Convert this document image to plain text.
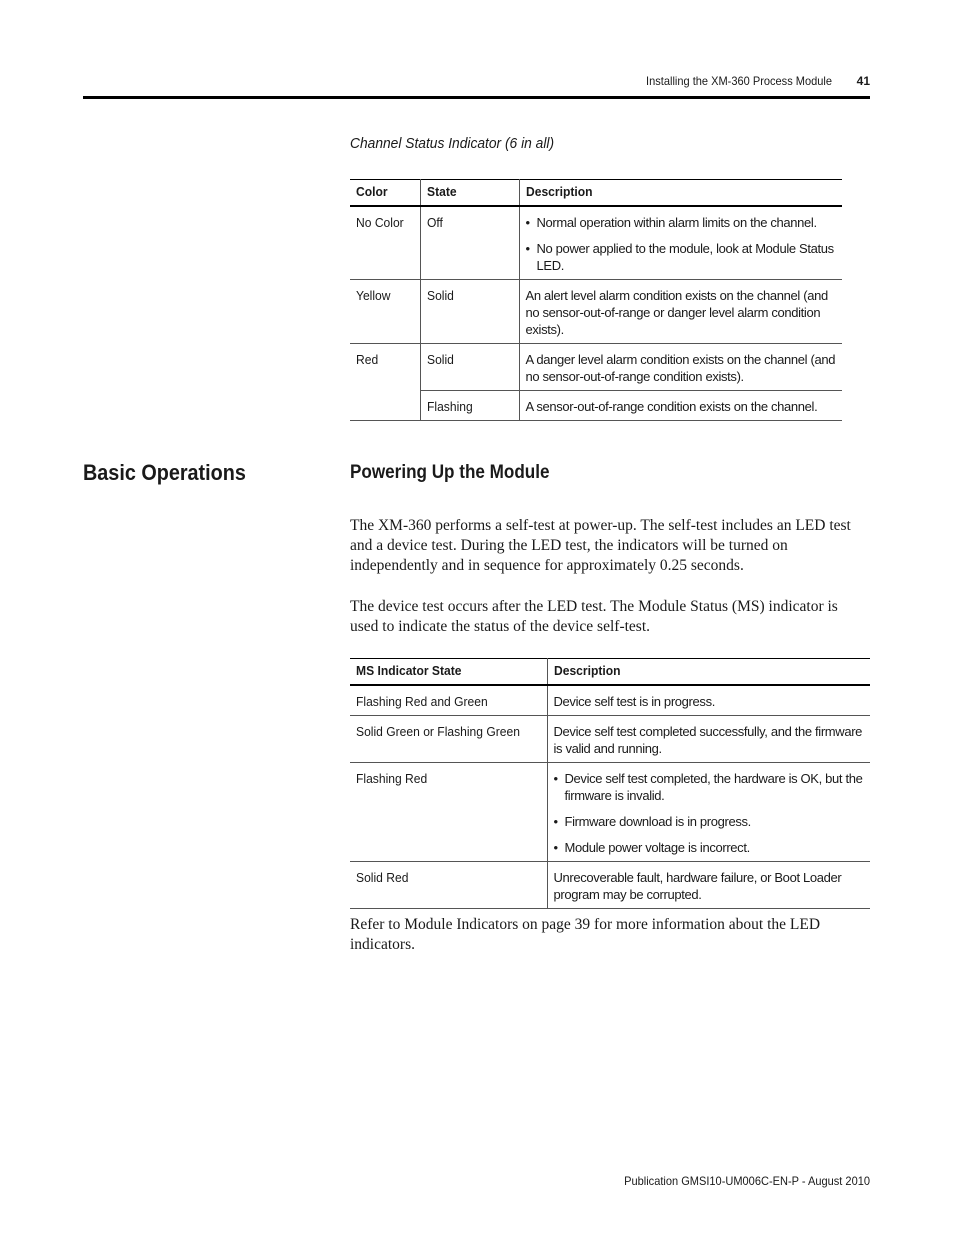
Installing the XM-360 Process Module	41
Channel Status Indicator (6 in all)
Color	State	Description
No Color	Off	• Normal operation within alarm limits on the channel.
• No power applied to the module, look at Module Status LED.

Yellow	Solid	An alert level alarm condition exists on the channel (and no sensor-out-of-range or danger level alarm condition exists).
Red	Solid	A danger level alarm condition exists on the channel (and no sensor-out-of-range condition exists).
	Flashing	A sensor-out-of-range condition exists on the channel.
Basic Operations	Powering Up the Module
The XM-360 performs a self-test at power-up. The self-test includes an LED test and a device test. During the LED test, the indicators will be turned on independently and in sequence for approximately 0.25 seconds.
The device test occurs after the LED test. The Module Status (MS) indicator is used to indicate the status of the device self-test.
MS Indicator State	Description
Flashing Red and Green	Device self test is in progress.
Solid Green or Flashing Green	Device self test completed successfully, and the firmware is valid and running.
Flashing Red	• Device self test completed, the hardware is OK, but the firmware is invalid.
• Firmware download is in progress.
• Module power voltage is incorrect.

Solid Red	Unrecoverable fault, hardware failure, or Boot Loader program may be corrupted.
Refer to Module Indicators on page 39 for more information about the LED indicators.
Publication GMSI10-UM006C-EN-P - August 2010
